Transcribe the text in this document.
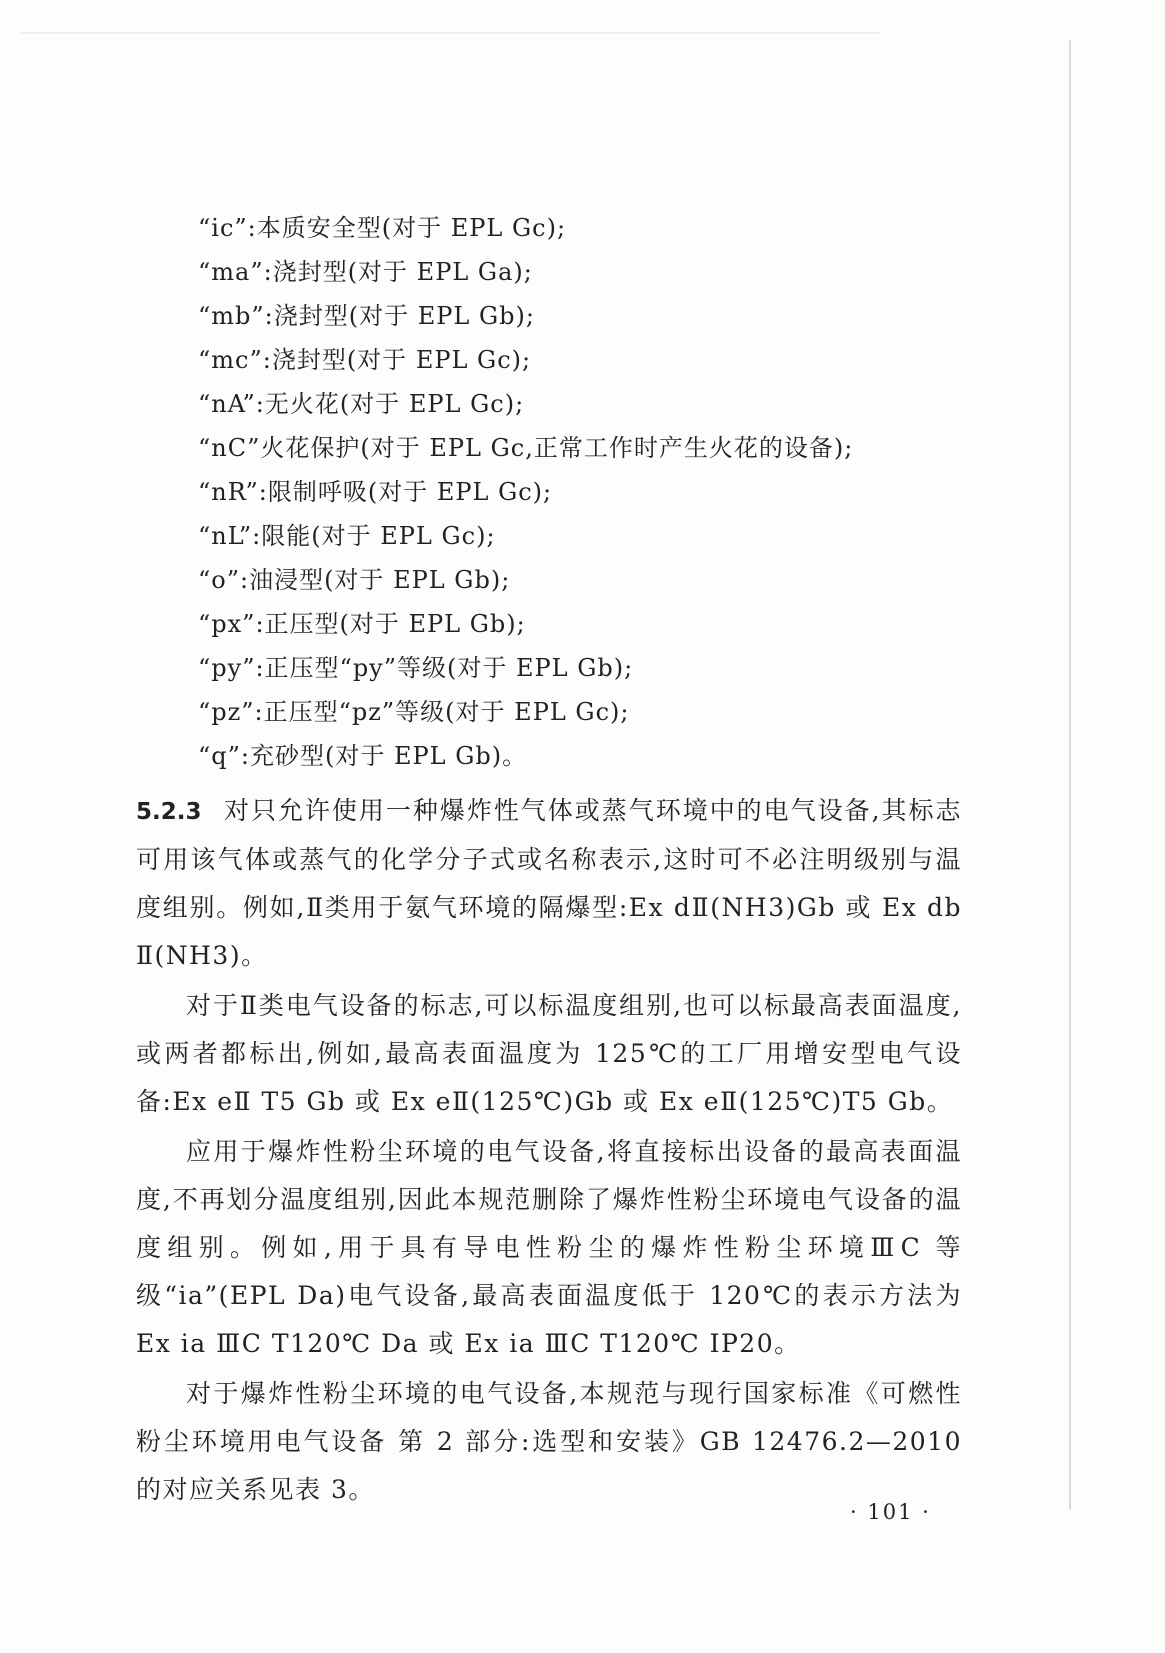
“ic”:本质安全型(对于 EPL Gc);
“ma”:浇封型(对于 EPL Ga);
“mb”:浇封型(对于 EPL Gb);
“mc”:浇封型(对于 EPL Gc);
“nA”:无火花(对于 EPL Gc);
“nC”火花保护(对于 EPL Gc,正常工作时产生火花的设备);
“nR”:限制呼吸(对于 EPL Gc);
“nL”:限能(对于 EPL Gc);
“o”:油浸型(对于 EPL Gb);
“px”:正压型(对于 EPL Gb);
“py”:正压型“py”等级(对于 EPL Gb);
“pz”:正压型“pz”等级(对于 EPL Gc);
“q”:充砂型(对于 EPL Gb)。

5.2.3 对只允许使用一种爆炸性气体或蒸气环境中的电气设备,其标志可用该气体或蒸气的化学分子式或名称表示,这时可不必注明级别与温度组别。例如,Ⅱ类用于氨气环境的隔爆型:Ex dⅡ(NH3)Gb 或 Ex db Ⅱ(NH3)。

对于Ⅱ类电气设备的标志,可以标温度组别,也可以标最高表面温度,或两者都标出,例如,最高表面温度为 125℃的工厂用增安型电气设备:Ex eⅡ T5 Gb 或 Ex eⅡ(125℃)Gb 或 Ex eⅡ(125℃)T5 Gb。

应用于爆炸性粉尘环境的电气设备,将直接标出设备的最高表面温度,不再划分温度组别,因此本规范删除了爆炸性粉尘环境电气设备的温度组别。例如,用于具有导电性粉尘的爆炸性粉尘环境ⅢC 等级“ia”(EPL Da)电气设备,最高表面温度低于 120℃的表示方法为 Ex ia ⅢC T120℃ Da 或 Ex ia ⅢC T120℃ IP20。

对于爆炸性粉尘环境的电气设备,本规范与现行国家标准《可燃性粉尘环境用电气设备 第 2 部分:选型和安装》GB 12476.2—2010 的对应关系见表 3。

· 101 ·
